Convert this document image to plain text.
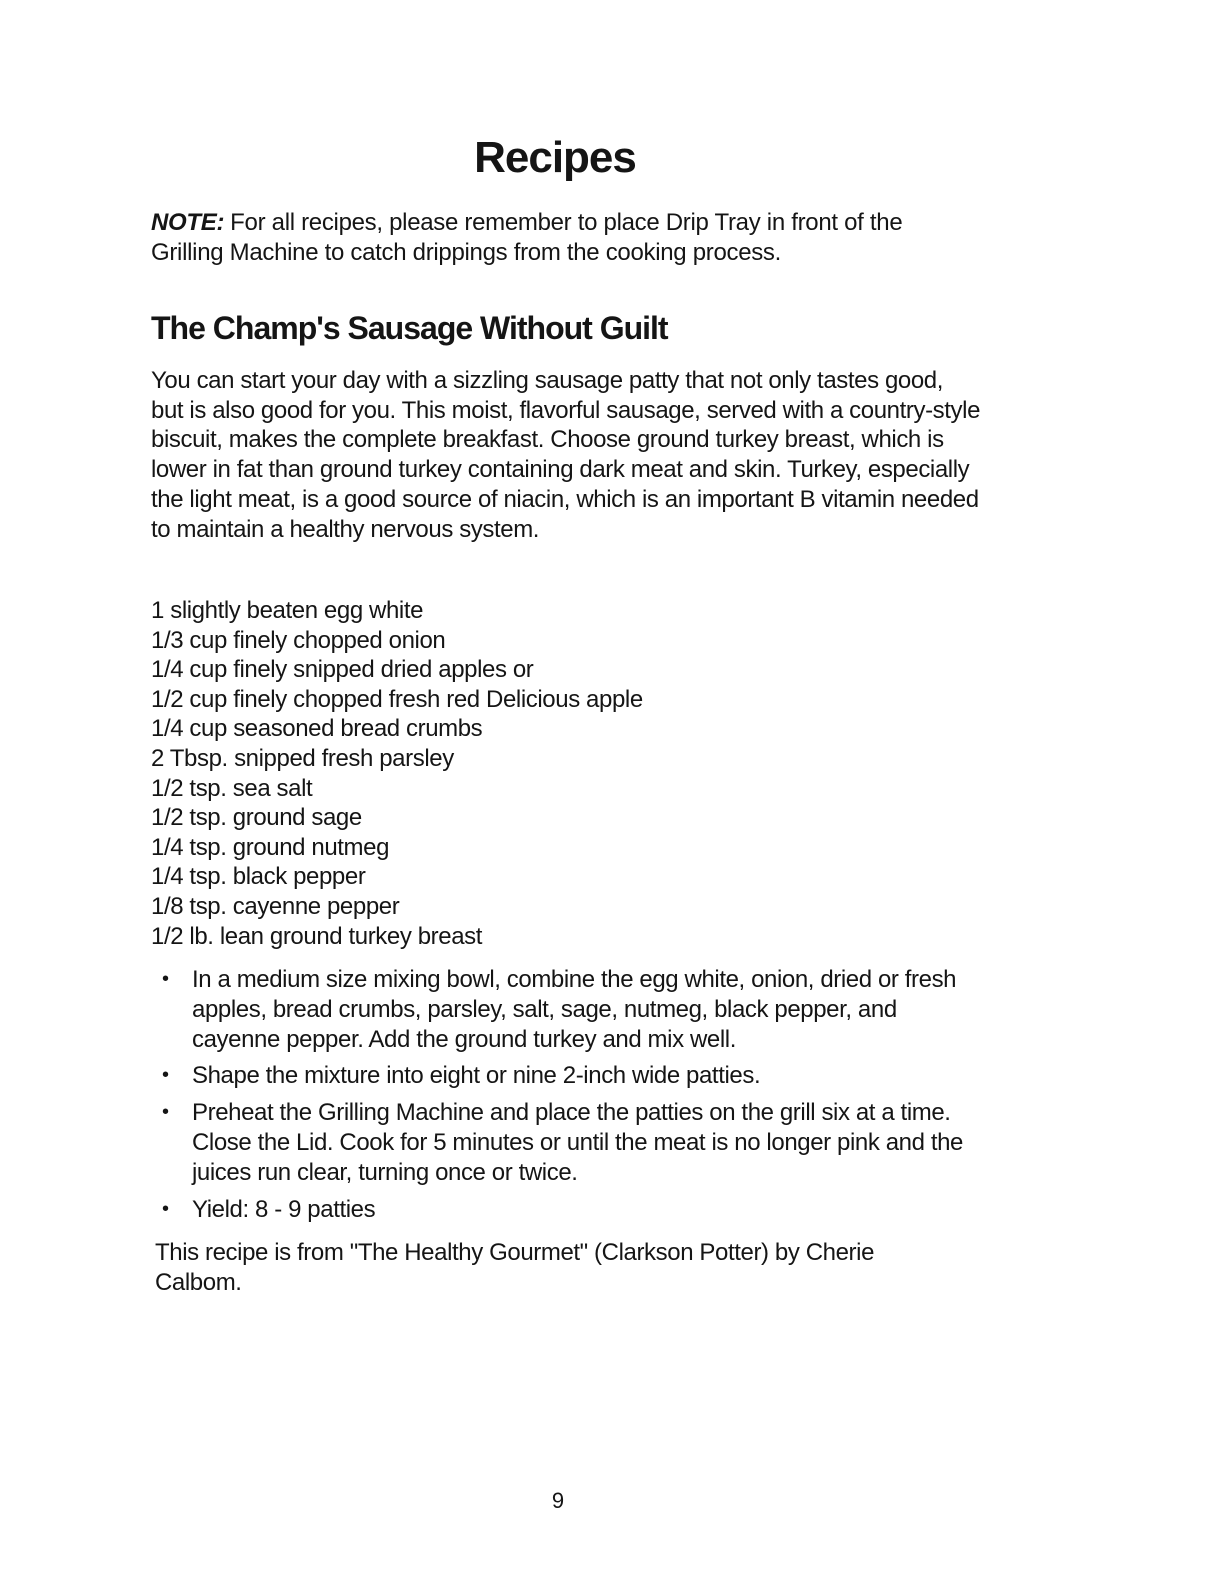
Recipes

NOTE: For all recipes, please remember to place Drip Tray in front of the Grilling Machine to catch drippings from the cooking process.

The Champ's Sausage Without Guilt

You can start your day with a sizzling sausage patty that not only tastes good, but is also good for you. This moist, flavorful sausage, served with a country-style biscuit, makes the complete breakfast. Choose ground turkey breast, which is lower in fat than ground turkey containing dark meat and skin. Turkey, especially the light meat, is a good source of niacin, which is an important B vitamin needed to maintain a healthy nervous system.

1 slightly beaten egg white
1/3 cup finely chopped onion
1/4 cup finely snipped dried apples or
1/2 cup finely chopped fresh red Delicious apple
1/4 cup seasoned bread crumbs
2 Tbsp. snipped fresh parsley
1/2 tsp. sea salt
1/2 tsp. ground sage
1/4 tsp. ground nutmeg
1/4 tsp. black pepper
1/8 tsp. cayenne pepper
1/2 lb. lean ground turkey breast
• In a medium size mixing bowl, combine the egg white, onion, dried or fresh apples, bread crumbs, parsley, salt, sage, nutmeg, black pepper, and cayenne pepper. Add the ground turkey and mix well.
• Shape the mixture into eight or nine 2-inch wide patties.
• Preheat the Grilling Machine and place the patties on the grill six at a time. Close the Lid. Cook for 5 minutes or until the meat is no longer pink and the juices run clear, turning once or twice.
• Yield: 8 - 9 patties

This recipe is from "The Healthy Gourmet" (Clarkson Potter) by Cherie Calbom.

9
